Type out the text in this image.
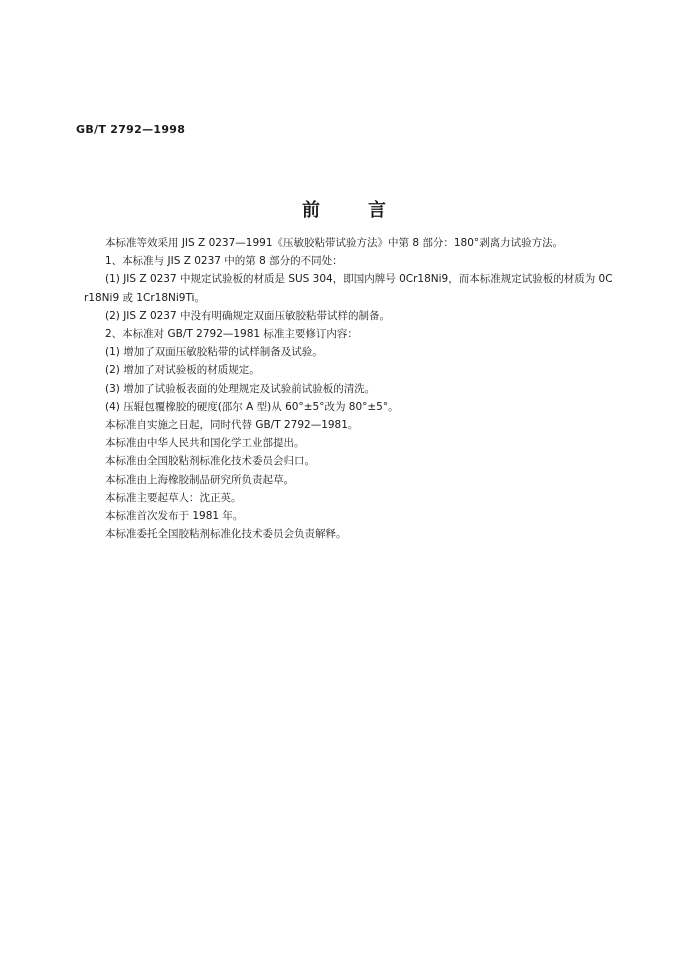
GB/T 2792—1998
前	言

本标准等效采用 JIS Z 0237—1991《压敏胶粘带试验方法》中第 8 部分：180°剥离力试验方法。

1、本标准与 JIS Z 0237 中的第 8 部分的不同处：

(1) JIS Z 0237 中规定试验板的材质是 SUS 304，即国内牌号 0Cr18Ni9，而本标准规定试验板的材质为 0Cr18Ni9 或 1Cr18Ni9Ti。

(2) JIS Z 0237 中没有明确规定双面压敏胶粘带试样的制备。

2、本标准对 GB/T 2792—1981 标准主要修订内容：

(1) 增加了双面压敏胶粘带的试样制备及试验。

(2) 增加了对试验板的材质规定。

(3) 增加了试验板表面的处理规定及试验前试验板的清洗。

(4) 压辊包覆橡胶的硬度(邵尔 A 型)从 60°±5°改为 80°±5°。

本标准自实施之日起，同时代替 GB/T 2792—1981。

本标准由中华人民共和国化学工业部提出。

本标准由全国胶粘剂标准化技术委员会归口。

本标准由上海橡胶制品研究所负责起草。

本标准主要起草人：沈正英。

本标准首次发布于 1981 年。

本标准委托全国胶粘剂标准化技术委员会负责解释。
